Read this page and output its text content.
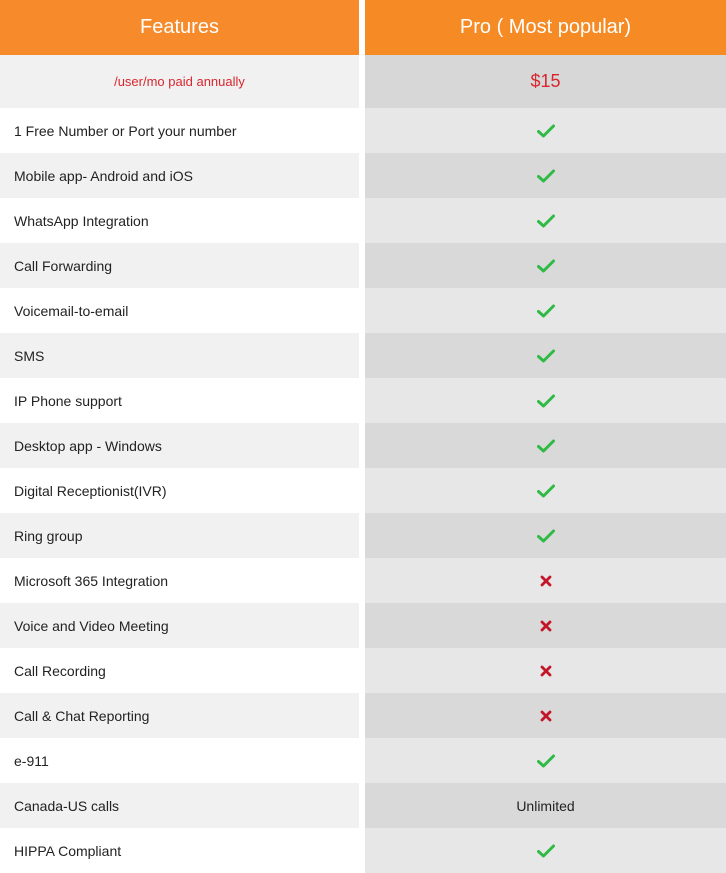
Features
/user/mo paid annually
1 Free Number or Port your number
Mobile app- Android and iOS
WhatsApp Integration
Call Forwarding
Voicemail-to-email
SMS
IP Phone support
Desktop app - Windows
Digital Receptionist(IVR)
Ring group
Microsoft 365 Integration
Voice and Video Meeting
Call Recording
Call & Chat Reporting
e-911
Canada-US calls
HIPPA Compliant
Pro ( Most popular)
$15
Unlimited
